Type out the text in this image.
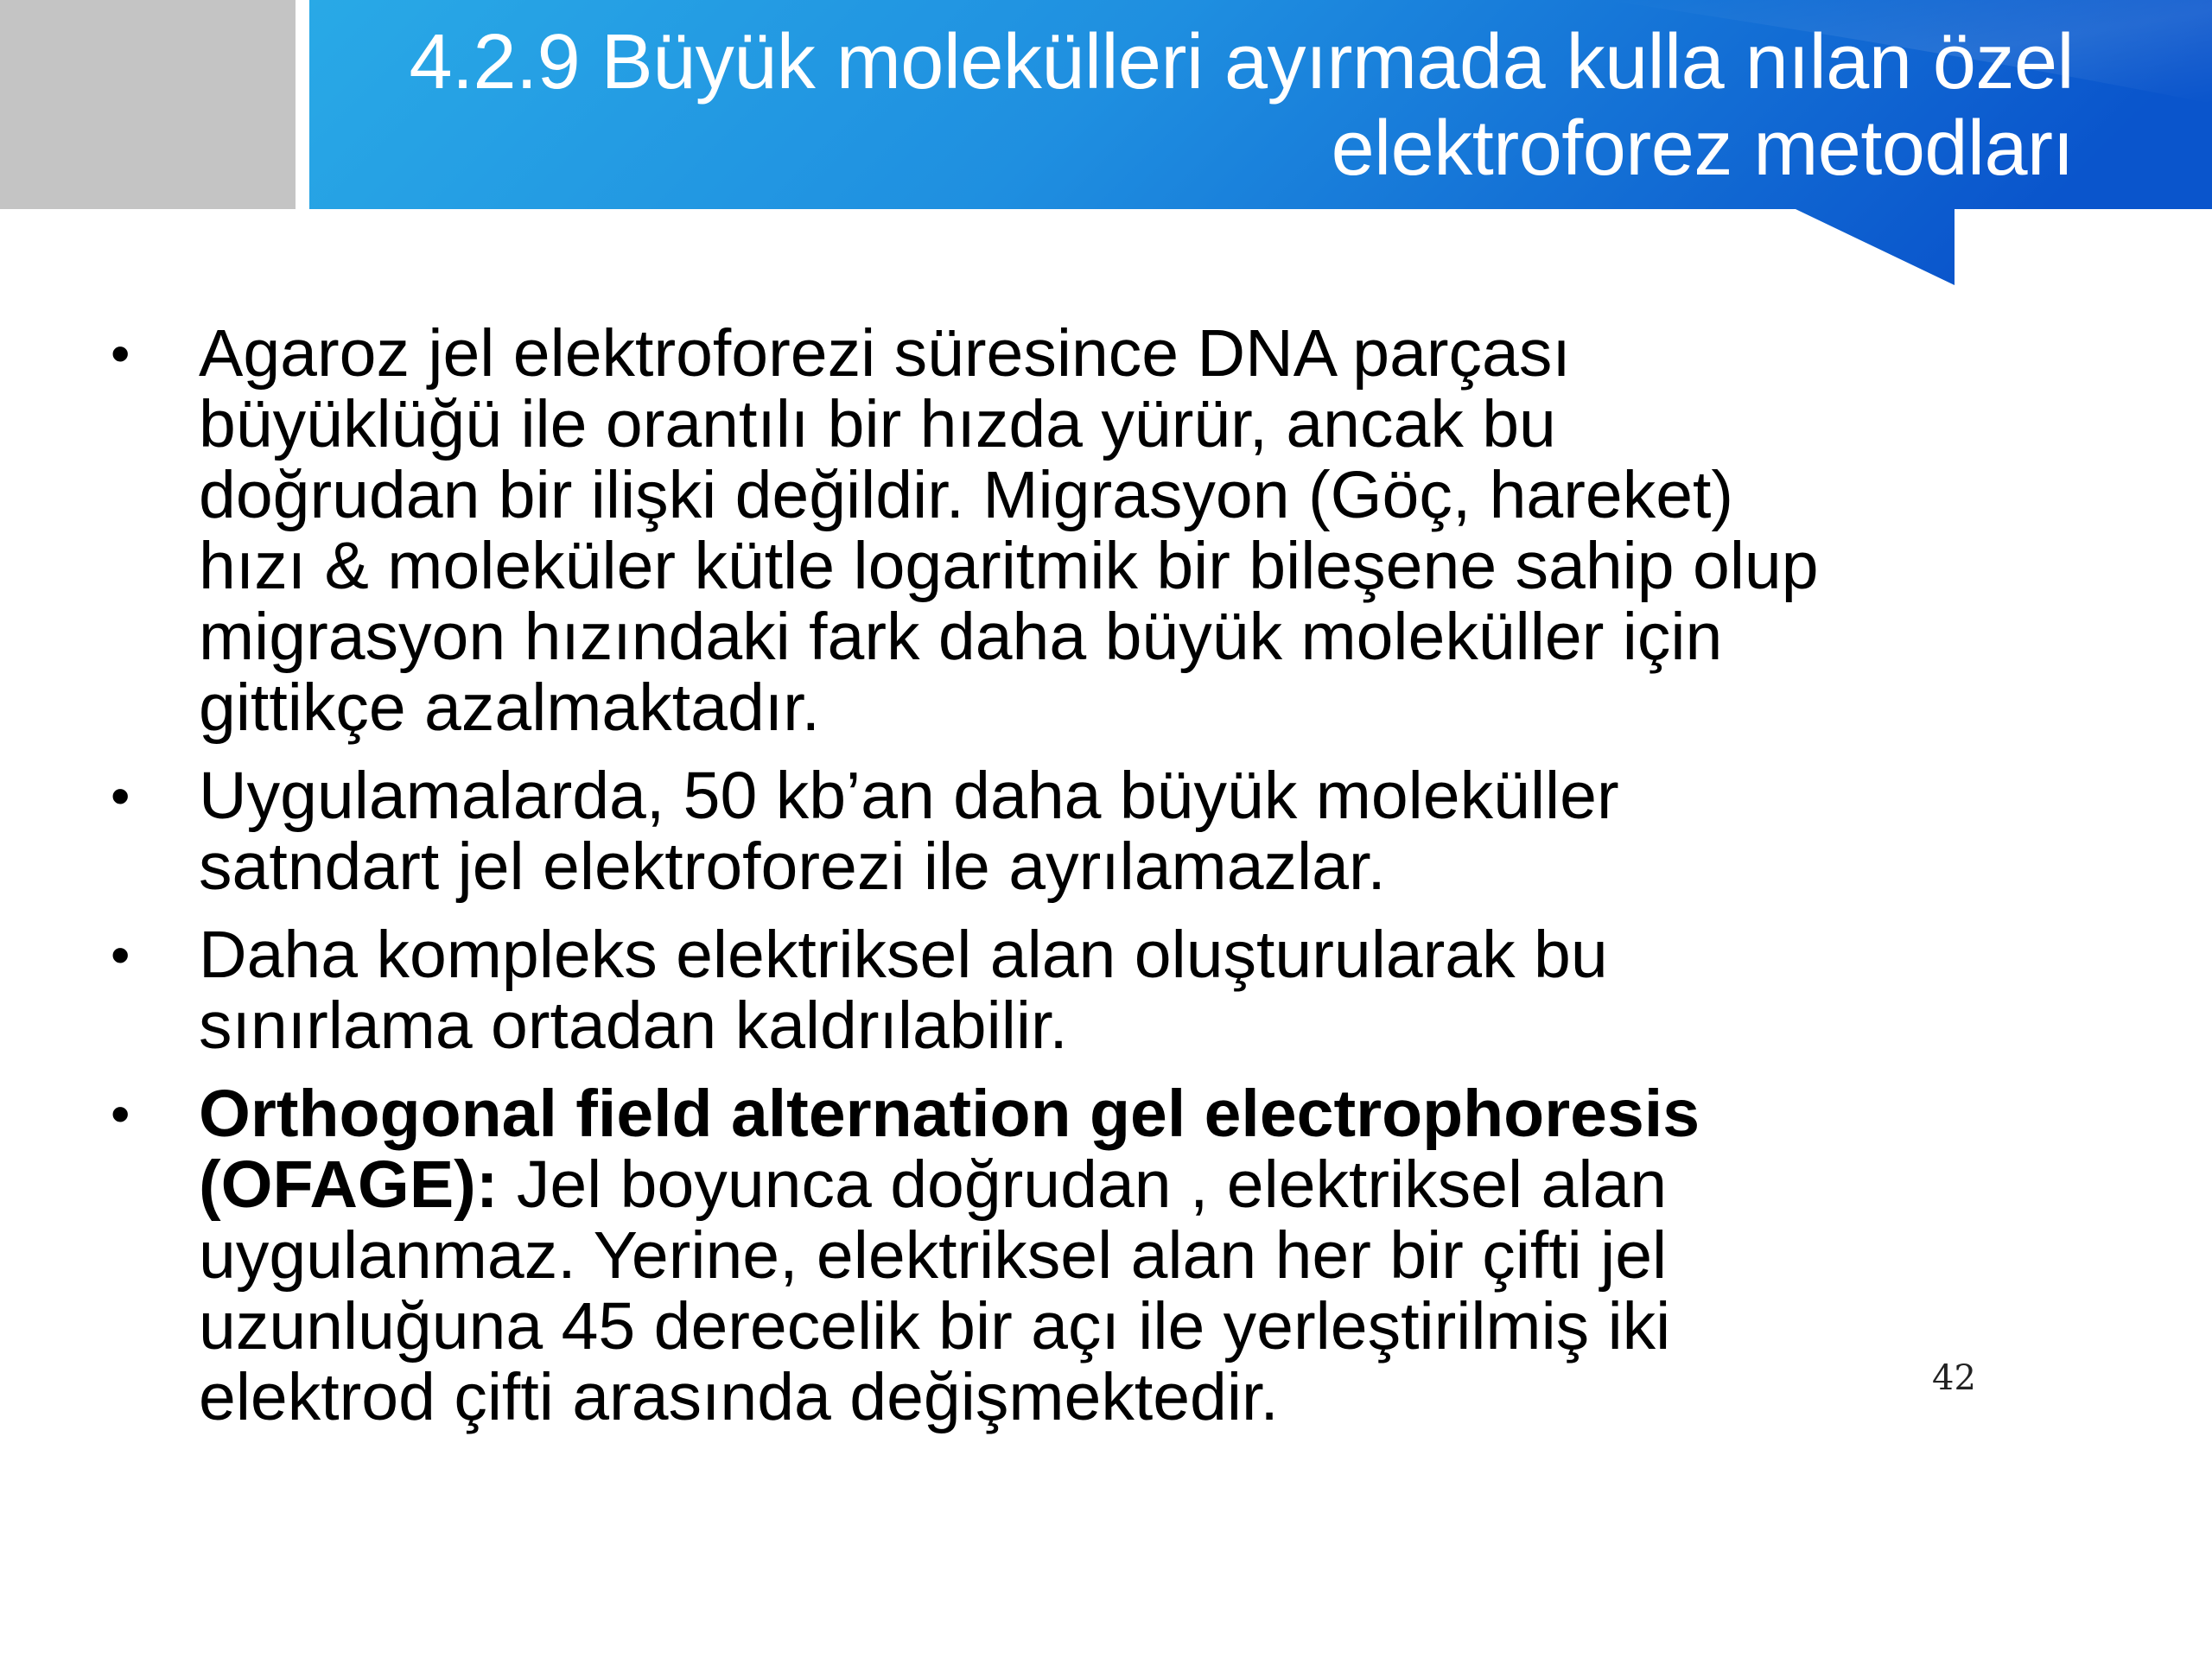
4.2.9 Büyük molekülleri ayırmada kulla nılan özel
elektroforez metodları
•	Agaroz jel elektroforezi süresince DNA parçası
büyüklüğü ile orantılı bir hızda yürür, ancak bu
doğrudan bir ilişki değildir. Migrasyon (Göç, hareket)
hızı & moleküler kütle logaritmik bir bileşene sahip olup
migrasyon hızındaki fark daha büyük moleküller için
gittikçe azalmaktadır.
•	Uygulamalarda, 50 kb’an daha büyük moleküller
satndart jel elektroforezi ile ayrılamazlar.
•	Daha kompleks elektriksel alan oluşturularak bu
sınırlama ortadan kaldrılabilir.
•	Orthogonal field alternation gel electrophoresis
(OFAGE): Jel boyunca doğrudan , elektriksel alan
uygulanmaz. Yerine, elektriksel alan her bir çifti jel
uzunluğuna 45 derecelik bir açı ile yerleştirilmiş iki
elektrod çifti arasında değişmektedir.	42
